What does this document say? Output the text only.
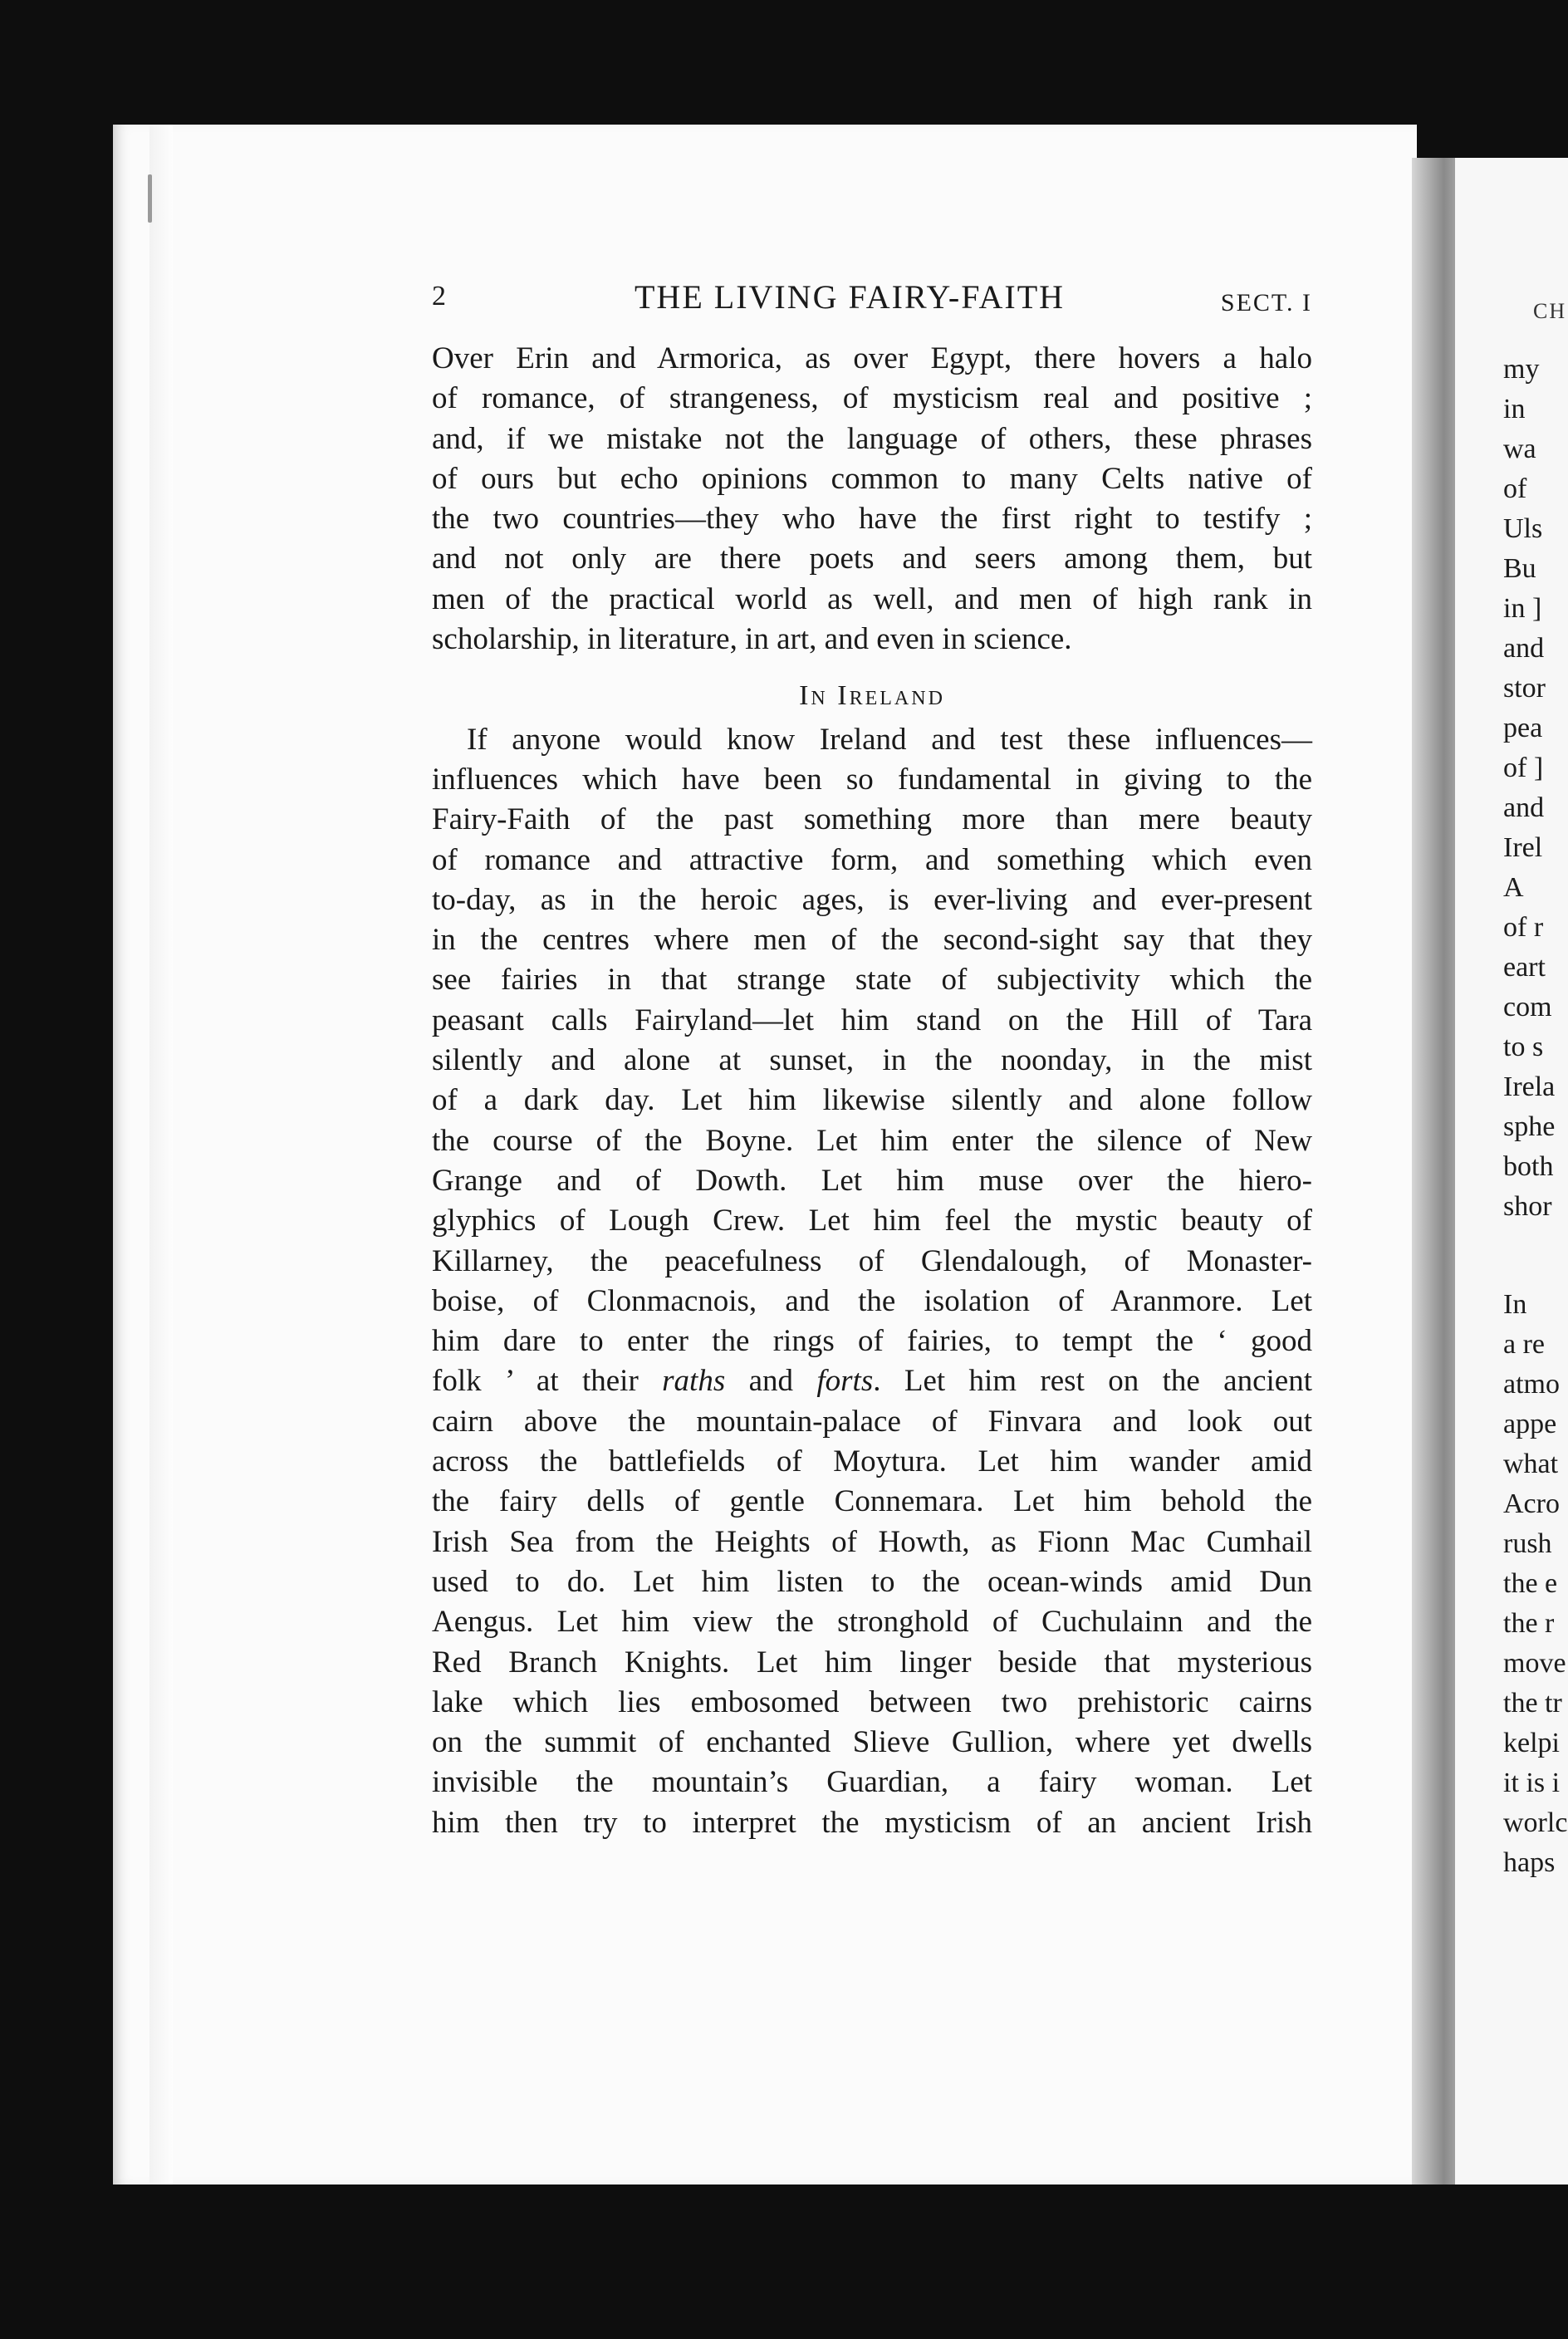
CH
my
in
wa
of
Uls
Bu
in ]
and
stor
pea
of ]
and
Irel
A
of r
eart
com
to s
Irela
sphe
both
shor
In
a re
atmo
appe
what
Acro
rush
the e
the r
move
the tr
kelpi
it is i
worlc
haps
2	THE LIVING FAIRY-FAITH	SECT. I
Over Erin and Armorica, as over Egypt, there hovers a halo
of romance, of strangeness, of mysticism real and positive ;
and, if we mistake not the language of others, these phrases
of ours but echo opinions common to many Celts native of
the two countries—they who have the first right to testify ;
and not only are there poets and seers among them, but
men of the practical world as well, and men of high rank in
scholarship, in literature, in art, and even in science.
In Ireland
If anyone would know Ireland and test these influences—
influences which have been so fundamental in giving to the
Fairy-Faith of the past something more than mere beauty
of romance and attractive form, and something which even
to-day, as in the heroic ages, is ever-living and ever-present
in the centres where men of the second-sight say that they
see fairies in that strange state of subjectivity which the
peasant calls Fairyland—let him stand on the Hill of Tara
silently and alone at sunset, in the noonday, in the mist
of a dark day. Let him likewise silently and alone follow
the course of the Boyne. Let him enter the silence of New
Grange and of Dowth. Let him muse over the hiero-
glyphics of Lough Crew. Let him feel the mystic beauty of
Killarney, the peacefulness of Glendalough, of Monaster-
boise, of Clonmacnois, and the isolation of Aranmore. Let
him dare to enter the rings of fairies, to tempt the ‘ good
folk ’ at their raths and forts. Let him rest on the ancient
cairn above the mountain-palace of Finvara and look out
across the battlefields of Moytura. Let him wander amid
the fairy dells of gentle Connemara. Let him behold the
Irish Sea from the Heights of Howth, as Fionn Mac Cumhail
used to do. Let him listen to the ocean-winds amid Dun
Aengus. Let him view the stronghold of Cuchulainn and the
Red Branch Knights. Let him linger beside that mysterious
lake which lies embosomed between two prehistoric cairns
on the summit of enchanted Slieve Gullion, where yet dwells
invisible the mountain’s Guardian, a fairy woman. Let
him then try to interpret the mysticism of an ancient Irish
